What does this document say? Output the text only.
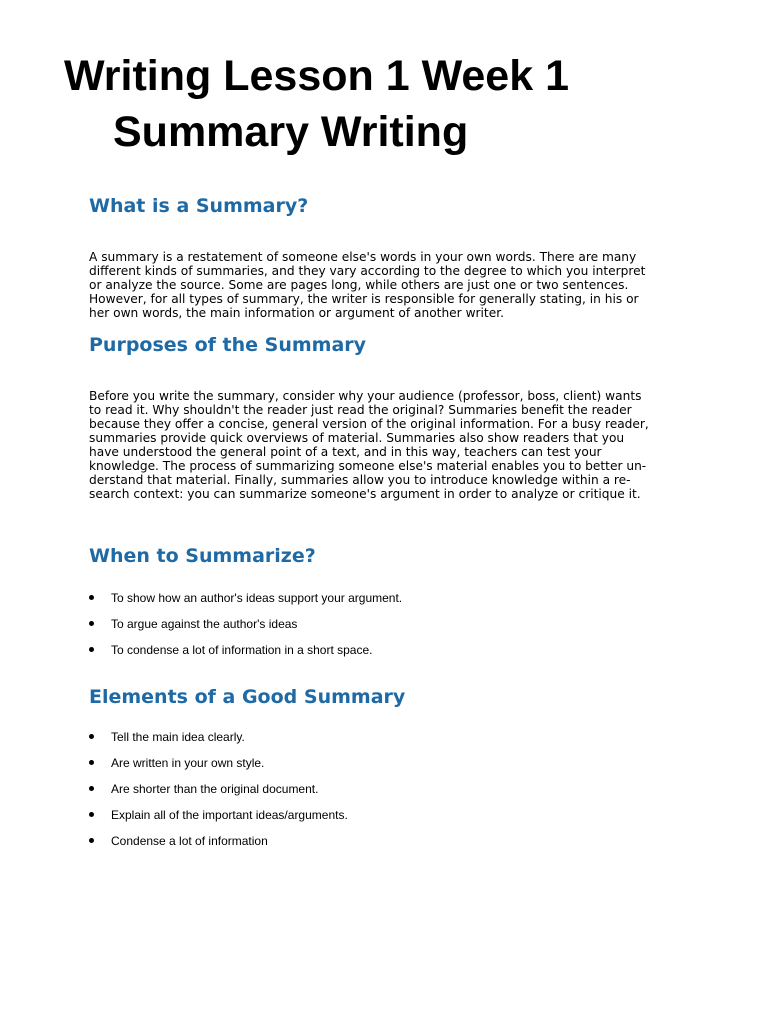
Writing Lesson 1 Week 1
Summary Writing
What is a Summary?

A summary is a restatement of someone else's words in your own words. There are many
different kinds of summaries, and they vary according to the degree to which you interpret
or analyze the source. Some are pages long, while others are just one or two sentences.
However, for all types of summary, the writer is responsible for generally stating, in his or
her own words, the main information or argument of another writer.

Purposes of the Summary

Before you write the summary, consider why your audience (professor, boss, client) wants
to read it. Why shouldn't the reader just read the original? Summaries benefit the reader
because they offer a concise, general version of the original information. For a busy reader,
summaries provide quick overviews of material. Summaries also show readers that you
have understood the general point of a text, and in this way, teachers can test your
knowledge. The process of summarizing someone else's material enables you to better un-
derstand that material. Finally, summaries allow you to introduce knowledge within a re-
search context: you can summarize someone's argument in order to analyze or critique it.

When to Summarize?
To show how an author's ideas support your argument.
To argue against the author's ideas
To condense a lot of information in a short space.
Elements of a Good Summary
Tell the main idea clearly.
Are written in your own style.
Are shorter than the original document.
Explain all of the important ideas/arguments.
Condense a lot of information
